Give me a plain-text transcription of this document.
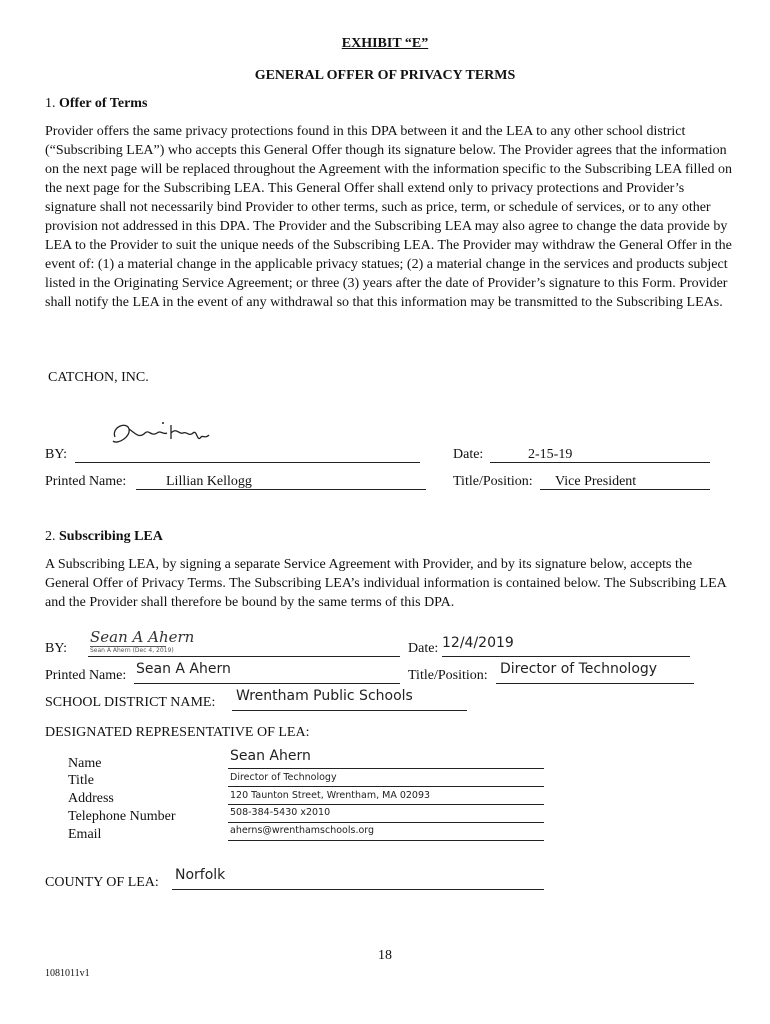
EXHIBIT “E”
GENERAL OFFER OF PRIVACY TERMS
1. Offer of Terms
Provider offers the same privacy protections found in this DPA between it and the LEA to any other school district (“Subscribing LEA”) who accepts this General Offer though its signature below. The Provider agrees that the information on the next page will be replaced throughout the Agreement with the information specific to the Subscribing LEA filled on the next page for the Subscribing LEA. This General Offer shall extend only to privacy protections and Provider’s signature shall not necessarily bind Provider to other terms, such as price, term, or schedule of services, or to any other provision not addressed in this DPA. The Provider and the Subscribing LEA may also agree to change the data provide by LEA to the Provider to suit the unique needs of the Subscribing LEA. The Provider may withdraw the General Offer in the event of: (1) a material change in the applicable privacy statues; (2) a material change in the services and products subject listed in the Originating Service Agreement; or three (3) years after the date of Provider’s signature to this Form. Provider shall notify the LEA in the event of any withdrawal so that this information may be transmitted to the Subscribing LEAs.
CATCHON, INC.
BY:	Date:	2-15-19
Printed Name:	Lillian Kellogg	Title/Position: Vice President
2. Subscribing LEA
A Subscribing LEA, by signing a separate Service Agreement with Provider, and by its signature below, accepts the General Offer of Privacy Terms. The Subscribing LEA’s individual information is contained below. The Subscribing LEA and the Provider shall therefore be bound by the same terms of this DPA.
BY:
Sean A Ahern
Sean A Ahern (Dec 4, 2019)	Date: 12/4/2019
Printed Name: Sean A Ahern	Title/Position: Director of Technology
SCHOOL DISTRICT NAME: Wrentham Public Schools
DESIGNATED REPRESENTATIVE OF LEA:
Name	Sean Ahern
Title	Director of Technology
Address	120 Taunton Street, Wrentham, MA 02093
Telephone Number	508-384-5430 x2010
Email	aherns@wrenthamschools.org
COUNTY OF LEA: Norfolk
18
1081011v1
